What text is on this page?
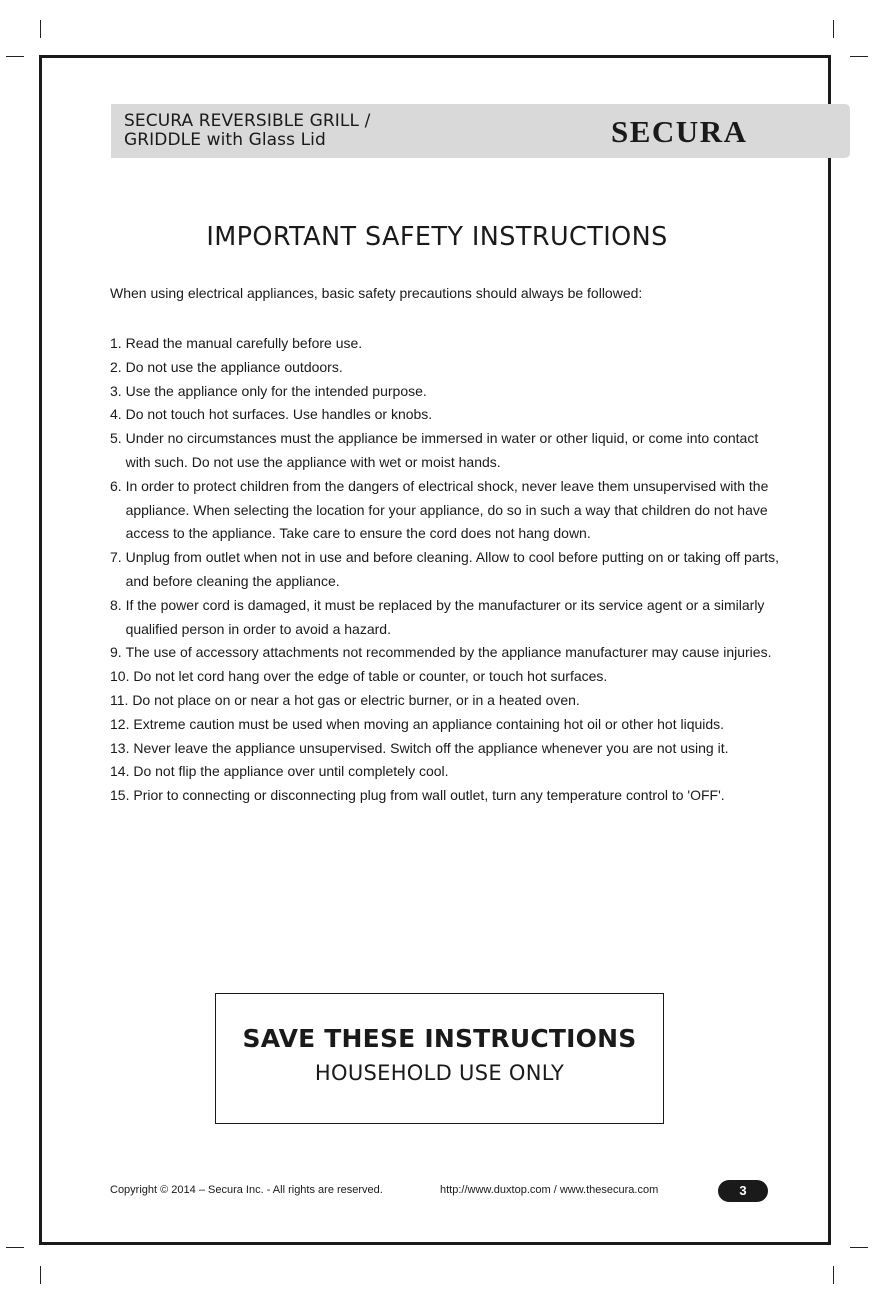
SECURA REVERSIBLE GRILL /
GRIDDLE with Glass Lid	SECURA
IMPORTANT SAFETY INSTRUCTIONS

When using electrical appliances, basic safety precautions should always be followed:

1. Read the manual carefully before use.
2. Do not use the appliance outdoors.
3. Use the appliance only for the intended purpose.
4. Do not touch hot surfaces. Use handles or knobs.
5. Under no circumstances must the appliance be immersed in water or other liquid, or come into contact with such. Do not use the appliance with wet or moist hands.
6. In order to protect children from the dangers of electrical shock, never leave them unsupervised with the appliance. When selecting the location for your appliance, do so in such a way that children do not have access to the appliance. Take care to ensure the cord does not hang down.
7. Unplug from outlet when not in use and before cleaning. Allow to cool before putting on or taking off parts, and before cleaning the appliance.
8. If the power cord is damaged, it must be replaced by the manufacturer or its service agent or a similarly qualified person in order to avoid a hazard.
9. The use of accessory attachments not recommended by the appliance manufacturer may cause injuries.
10. Do not let cord hang over the edge of table or counter, or touch hot surfaces.
11. Do not place on or near a hot gas or electric burner, or in a heated oven.
12. Extreme caution must be used when moving an appliance containing hot oil or other hot liquids.
13. Never leave the appliance unsupervised. Switch off the appliance whenever you are not using it.
14. Do not flip the appliance over until completely cool.
15. Prior to connecting or disconnecting plug from wall outlet, turn any temperature control to 'OFF'.
SAVE THESE INSTRUCTIONS
HOUSEHOLD USE ONLY
Copyright © 2014 – Secura Inc. - All rights are reserved.	http://www.duxtop.com / www.thesecura.com	3
